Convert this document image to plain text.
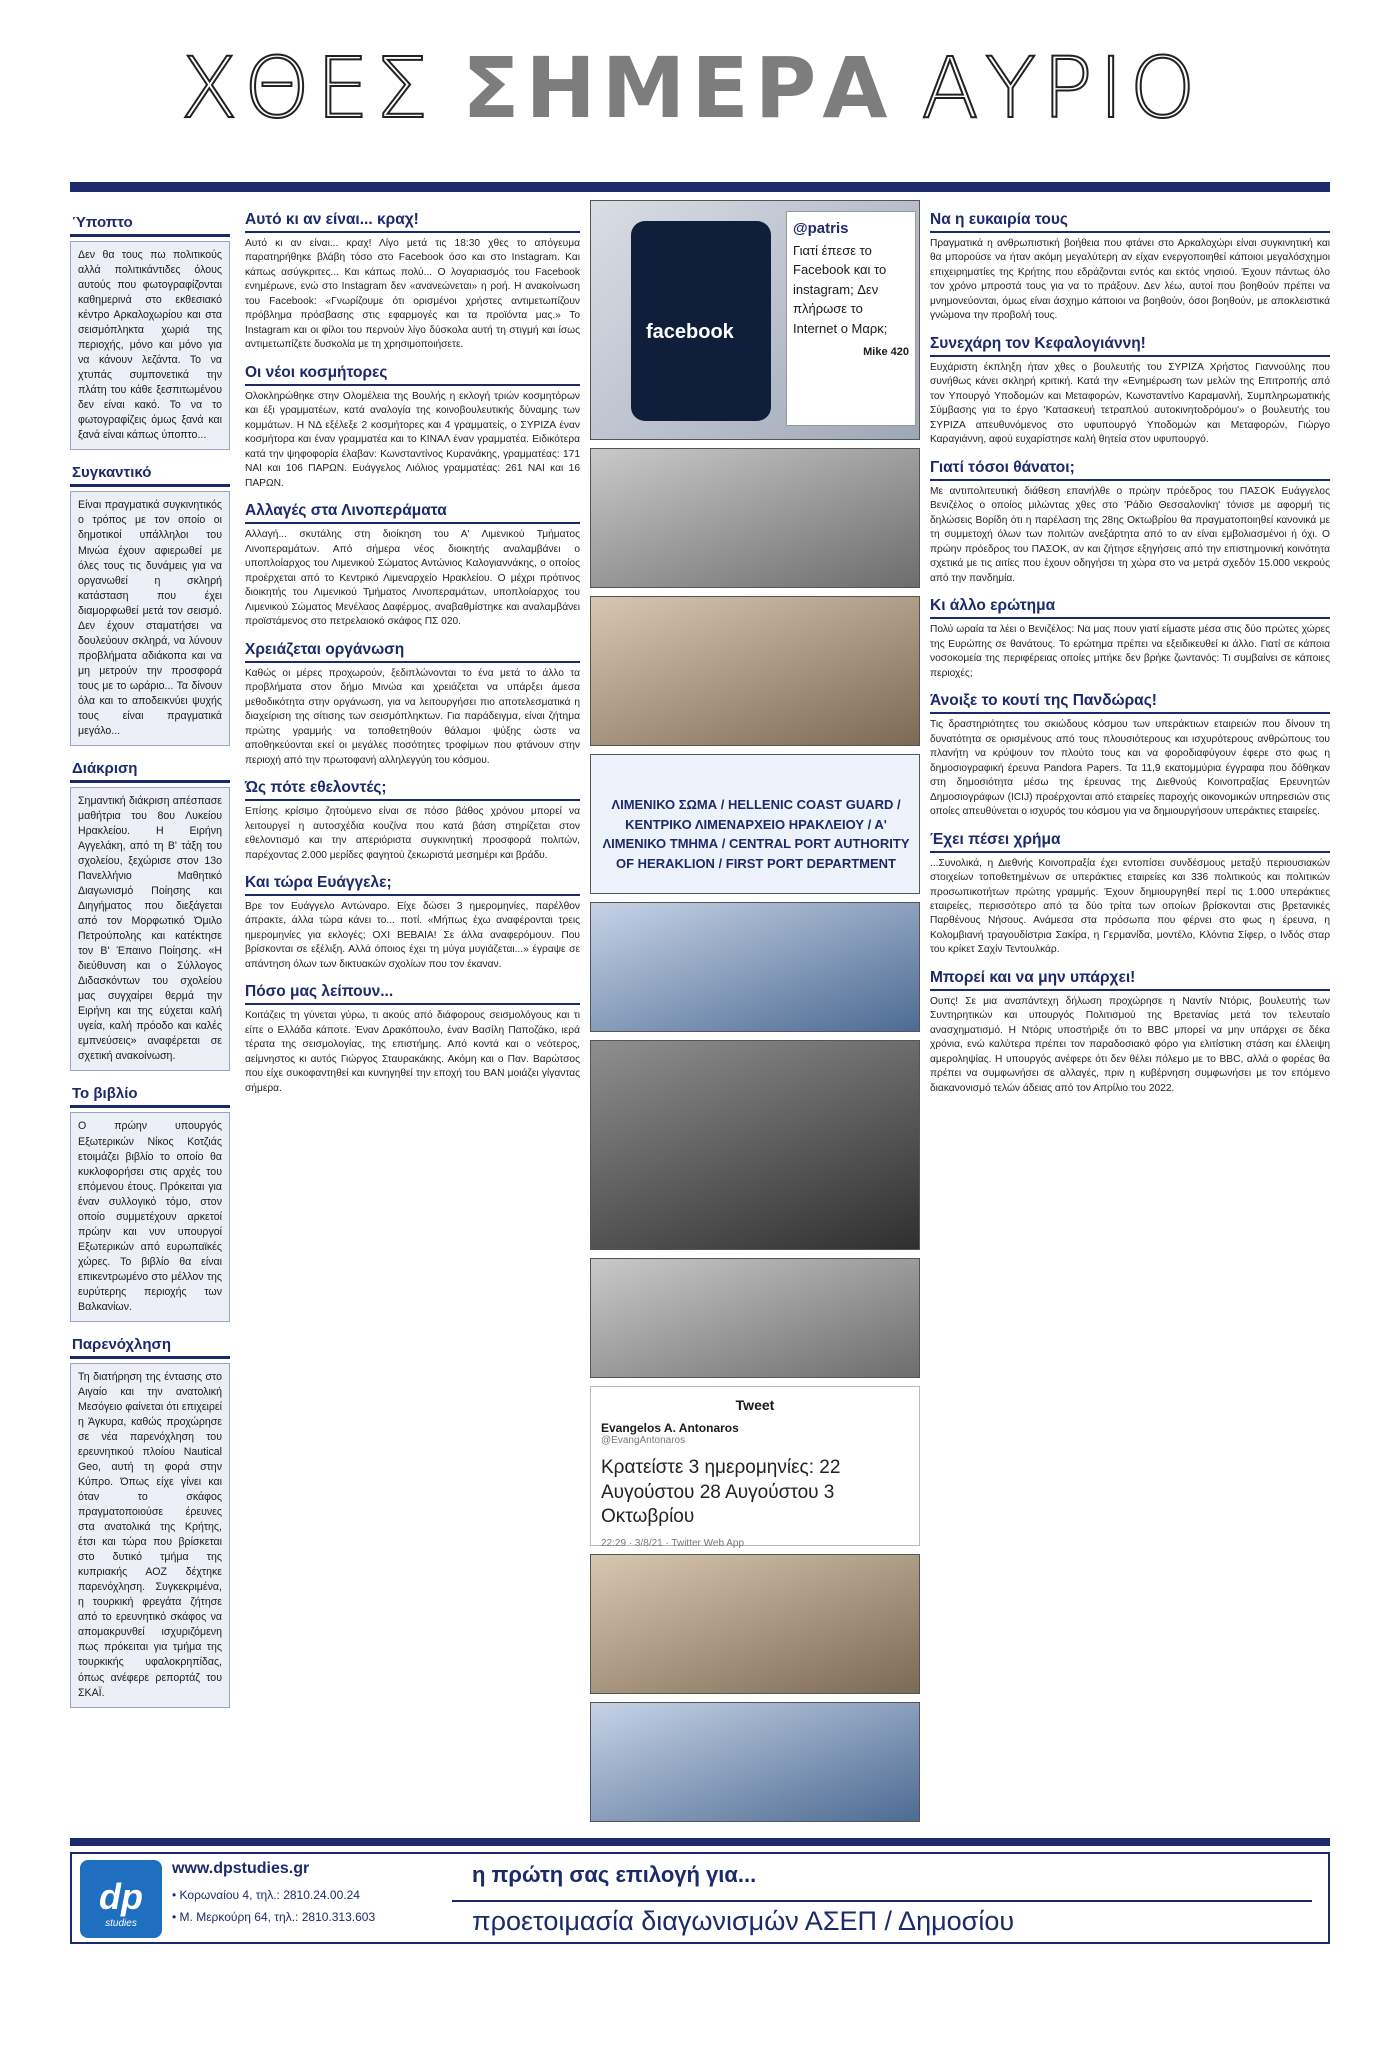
ΧΘΕΣ ΣΗΜΕΡΑ ΑΥΡΙΟ
Ύποπτο
Δεν θα τους πω πολιτικούς αλλά πολιτικάντιδες όλους αυτούς που φωτογραφίζονται καθημερινά στο εκθεσιακό κέντρο Αρκαλοχωρίου και στα σεισμόπληκτα χωριά της περιοχής, μόνο και μόνο για να κάνουν λεζάντα. Το να χτυπάς συμπονετικά την πλάτη του κάθε ξεσπιτωμένου δεν είναι κακό. Το να το φωτογραφίζεις όμως ξανά και ξανά είναι κάπως ύποπτο...
Συγκαντικό
Είναι πραγματικά συγκινητικός ο τρόπος με τον οποίο οι δημοτικοί υπάλληλοι του Μινώα έχουν αφιερωθεί με όλες τους τις δυνάμεις για να οργανωθεί η σκληρή κατάσταση που έχει διαμορφωθεί μετά τον σεισμό. Δεν έχουν σταματήσει να δουλεύουν σκληρά, να λύνουν προβλήματα αδιάκοπα και να μη μετρούν την προσφορά τους με το ωράριο... Τα δίνουν όλα και το αποδεικνύει ψυχής τους είναι πραγματικά μεγάλο...
Διάκριση
Σημαντική διάκριση απέσπασε μαθήτρια του 8ου Λυκείου Ηρακλείου. Η Ειρήνη Αγγελάκη, από τη Β' τάξη του σχολείου, ξεχώρισε στον 13ο Πανελλήνιο Μαθητικό Διαγωνισμό Ποίησης και Διηγήματος που διεξάγεται από τον Μορφωτικό Όμιλο Πετρούπολης και κατέκτησε τον Β' Έπαινο Ποίησης. «Η διεύθυνση και ο Σύλλογος Διδασκόντων του σχολείου μας συγχαίρει θερμά την Ειρήνη και της εύχεται καλή υγεία, καλή πρόοδο και καλές εμπνεύσεις» αναφέρεται σε σχετική ανακοίνωση.
Το βιβλίο
Ο πρώην υπουργός Εξωτερικών Νίκος Κοτζιάς ετοιμάζει βιβλίο το οποίο θα κυκλοφορήσει στις αρχές του επόμενου έτους. Πρόκειται για έναν συλλογικό τόμο, στον οποίο συμμετέχουν αρκετοί πρώην και νυν υπουργοί Εξωτερικών από ευρωπαϊκές χώρες. Το βιβλίο θα είναι επικεντρωμένο στο μέλλον της ευρύτερης περιοχής των Βαλκανίων.
Παρενόχληση
Τη διατήρηση της έντασης στο Αιγαίο και την ανατολική Μεσόγειο φαίνεται ότι επιχειρεί η Άγκυρα, καθώς προχώρησε σε νέα παρενόχληση του ερευνητικού πλοίου Nautical Geo, αυτή τη φορά στην Κύπρο. Όπως είχε γίνει και όταν το σκάφος πραγματοποιούσε έρευνες στα ανατολικά της Κρήτης, έτσι και τώρα που βρίσκεται στο δυτικό τμήμα της κυπριακής ΑΟΖ δέχτηκε παρενόχληση. Συγκεκριμένα, η τουρκική φρεγάτα ζήτησε από το ερευνητικό σκάφος να απομακρυνθεί ισχυριζόμενη πως πρόκειται για τμήμα της τουρκικής υφαλοκρηπίδας, όπως ανέφερε ρεπορτάζ του ΣΚΑΪ.
Αυτό κι αν είναι... κραχ!
Αυτό κι αν είναι... κραχ! Λίγο μετά τις 18:30 χθες το απόγευμα παρατηρήθηκε βλάβη τόσο στο Facebook όσο και στο Instagram. Και κάπως ασύγκριτες... Και κάπως πολύ... Ο λογαριασμός του Facebook ενημέρωνε, ενώ στο Instagram δεν «ανανεώνεται» η ροή. Η ανακοίνωση του Facebook: «Γνωρίζουμε ότι ορισμένοι χρήστες αντιμετωπίζουν πρόβλημα πρόσβασης στις εφαρμογές και τα προϊόντα μας.» Το Instagram και οι φίλοι του περνούν λίγο δύσκολα αυτή τη στιγμή και ίσως αντιμετωπίζετε δυσκολία με τη χρησιμοποιήσετε.
Οι νέοι κοσμήτορες
Ολοκληρώθηκε στην Ολομέλεια της Βουλής η εκλογή τριών κοσμητόρων και έξι γραμματέων, κατά αναλογία της κοινοβουλευτικής δύναμης των κομμάτων. Η ΝΔ εξέλεξε 2 κοσμήτορες και 4 γραμματείς, ο ΣΥΡΙΖΑ έναν κοσμήτορα και έναν γραμματέα και το ΚΙΝΑΛ έναν γραμματέα. Ειδικότερα κατά την ψηφοφορία έλαβαν: Κωνσταντίνος Κυρανάκης, γραμματέας: 171 ΝΑΙ και 106 ΠΑΡΩΝ. Ευάγγελος Λιόλιος γραμματέας: 261 ΝΑΙ και 16 ΠΑΡΩΝ.
Αλλαγές στα Λινοπεράματα
Αλλαγή... σκυτάλης στη διοίκηση του Α' Λιμενικού Τμήματος Λινοπεραμάτων. Από σήμερα νέος διοικητής αναλαμβάνει ο υποπλοίαρχος του Λιμενικού Σώματος Αντώνιος Καλογιαννάκης, ο οποίος προέρχεται από το Κεντρικό Λιμεναρχείο Ηρακλείου. Ο μέχρι πρότινος διοικητής του Λιμενικού Τμήματος Λινοπεραμάτων, υποπλοίαρχος του Λιμενικού Σώματος Μενέλαος Δαφέρμος, αναβαθμίστηκε και αναλαμβάνει προϊστάμενος στο πετρελαιοκό σκάφος ΠΣ 020.
Χρειάζεται οργάνωση
Καθώς οι μέρες προχωρούν, ξεδιπλώνονται το ένα μετά το άλλο τα προβλήματα στον δήμο Μινώα και χρειάζεται να υπάρξει άμεσα μεθοδικότητα στην οργάνωση, για να λειτουργήσει πιο αποτελεσματικά η διαχείριση της σίτισης των σεισμόπληκτων. Για παράδειγμα, είναι ζήτημα πρώτης γραμμής να τοποθετηθούν θάλαμοι ψύξης ώστε να αποθηκεύονται εκεί οι μεγάλες ποσότητες τροφίμων που φτάνουν στην περιοχή από την πρωτοφανή αλληλεγγύη του κόσμου.
Ώς πότε εθελοντές;
Επίσης κρίσιμο ζητούμενο είναι σε πόσο βάθος χρόνου μπορεί να λειτουργεί η αυτοσχέδια κουζίνα που κατά βάση στηρίζεται στον εθελοντισμό και την απεριόριστα συγκινητική προσφορά πολιτών, παρέχοντας 2.000 μερίδες φαγητού ζεκωριστά μεσημέρι και βράδυ.
Και τώρα Ευάγγελε;
Βρε τον Ευάγγελο Αντώναρο. Είχε δώσει 3 ημερομηνίες, παρέλθον άπρακτε, άλλα τώρα κάνει το... ποτί. «Μήπως έχω αναφέρονται τρεις ημερομηνίες για εκλογές; ΟΧΙ ΒΕΒΑΙΑ! Σε άλλα αναφερόμουν. Που βρίσκονται σε εξέλιξη. Αλλά όποιος έχει τη μύγα μυγιάζεται...» έγραψε σε απάντηση όλων των δικτυακών σχολίων που τον έκαναν.
Πόσο μας λείπουν...
Κοιτάζεις τη γύνεται γύρω, τι ακούς από διάφορους σεισμολόγους και τι είπε ο Ελλάδα κάποτε. Έναν Δρακόπουλο, έναν Βασίλη Παποζάκο, ιερά τέρατα της σεισμολογίας, της επιστήμης. Από κοντά και ο νεότερος, αείμνηστος κι αυτός Γιώργος Σταυρακάκης. Ακόμη και ο Παν. Βαρώτσος που είχε συκοφαντηθεί και κυνηγηθεί την εποχή του ΒΑΝ μοιάζει γίγαντας σήμερα.
facebook
@patris
Γιατί έπεσε το Facebook και το instagram; Δεν πλήρωσε το Internet ο Μαρκ;
Mike 420
ΛΙΜΕΝΙΚΟ ΣΩΜΑ / HELLENIC COAST GUARD / ΚΕΝΤΡΙΚΟ ΛΙΜΕΝΑΡΧΕΙΟ ΗΡΑΚΛΕΙΟΥ / Α' ΛΙΜΕΝΙΚΟ ΤΜΗΜΑ / CENTRAL PORT AUTHORITY OF HERAKLION / FIRST PORT DEPARTMENT
Tweet
Evangelos A. Antonaros
@EvangAntonaros
Κρατείστε 3 ημερομηνίες: 22 Αυγούστου 28 Αυγούστου 3 Οκτωβρίου
22:29 · 3/8/21 · Twitter Web App
Να η ευκαιρία τους
Πραγματικά η ανθρωπιστική βοήθεια που φτάνει στο Αρκαλοχώρι είναι συγκινητική και θα μπορούσε να ήταν ακόμη μεγαλύτερη αν είχαν ενεργοποιηθεί κάποιοι μεγαλόσχημοι επιχειρηματίες της Κρήτης που εδράζονται εντός και εκτός νησιού. Έχουν πάντως όλο τον χρόνο μπροστά τους για να το πράξουν. Δεν λέω, αυτοί που βοηθούν πρέπει να μνημονεύονται, όμως είναι άσχημο κάποιοι να βοηθούν, όσοι βοηθούν, με αποκλειστικά γνώμονα την προβολή τους.
Συνεχάρη τον Κεφαλογιάννη!
Ευχάριστη έκπληξη ήταν χθες ο βουλευτής του ΣΥΡΙΖΑ Χρήστος Γιαννούλης που συνήθως κάνει σκληρή κριτική. Κατά την «Ενημέρωση των μελών της Επιτροπής από τον Υπουργό Υποδομών και Μεταφορών, Κωνσταντίνο Καραμανλή, Συμπληρωματικής Σύμβασης για το έργο 'Κατασκευή τετραπλού αυτοκινητοδρόμου'» ο βουλευτής του ΣΥΡΙΖΑ απευθυνόμενος στο υφυπουργό Υποδομών και Μεταφορών, Γιώργο Καραγιάννη, αφού ευχαρίστησε καλή θητεία στον υφυπουργό.
Γιατί τόσοι θάνατοι;
Με αντιπολιτευτική διάθεση επανήλθε ο πρώην πρόεδρος του ΠΑΣΟΚ Ευάγγελος Βενιζέλος ο οποίος μιλώντας χθες στο 'Ράδιο Θεσσαλονίκη' τόνισε με αφορμή τις δηλώσεις Βορίδη ότι η παρέλαση της 28ης Οκτωβρίου θα πραγματοποιηθεί κανονικά με τη συμμετοχή όλων των πολιτών ανεξάρτητα από το αν είναι εμβολιασμένοι ή όχι. Ο πρώην πρόεδρος του ΠΑΣΟΚ, αν και ζήτησε εξηγήσεις από την επιστημονική κοινότητα σχετικά με τις αιτίες που έχουν οδηγήσει τη χώρα στο να μετρά σχεδόν 15.000 νεκρούς από την πανδημία.
Κι άλλο ερώτημα
Πολύ ωραία τα λέει ο Βενιζέλος: Να μας πουν γιατί είμαστε μέσα στις δύο πρώτες χώρες της Ευρώπης σε θανάτους. Το ερώτημα πρέπει να εξειδικευθεί κι άλλο. Γιατί σε κάποια νοσοκομεία της περιφέρειας οποίες μπήκε δεν βρήκε ζωντανός: Τι συμβαίνει σε κάποιες περιοχές;
Άνοιξε το κουτί της Πανδώρας!
Τις δραστηριότητες του σκιώδους κόσμου των υπεράκτιων εταιρειών που δίνουν τη δυνατότητα σε ορισμένους από τους πλουσιότερους και ισχυρότερους ανθρώπους του πλανήτη να κρύψουν τον πλούτο τους και να φοροδιαφύγουν έφερε στο φως η δημοσιογραφική έρευνα Pandora Papers. Τα 11,9 εκατομμύρια έγγραφα που δόθηκαν στη δημοσιότητα μέσω της έρευνας της Διεθνούς Κοινοπραξίας Ερευνητών Δημοσιογράφων (ICIJ) προέρχονται από εταιρείες παροχής οικονομικών υπηρεσιών στις οποίες απευθύνεται ο ισχυρός του κόσμου για να δημιουργήσουν υπεράκτιες εταιρείες.
Έχει πέσει χρήμα
...Συνολικά, η Διεθνής Κοινοπραξία έχει εντοπίσει συνδέσμους μεταξύ περιουσιακών στοιχείων τοποθετημένων σε υπεράκτιες εταιρείες και 336 πολιτικούς και πολιτικών προσωπικοτήτων πρώτης γραμμής. Έχουν δημιουργηθεί περί τις 1.000 υπεράκτιες εταιρείες, περισσότερο από τα δύο τρίτα των οποίων βρίσκονται στις βρετανικές Παρθένους Νήσους. Ανάμεσα στα πρόσωπα που φέρνει στο φως η έρευνα, η Κολομβιανή τραγουδίστρια Σακίρα, η Γερμανίδα, μοντέλο, Κλόντια Σίφερ, ο Ινδός σταρ του κρίκετ Σαχίν Τεντουλκάρ.
Μπορεί και να μην υπάρχει!
Ουπς! Σε μια αναπάντεχη δήλωση προχώρησε η Ναντίν Ντόρις, βουλευτής των Συντηρητικών και υπουργός Πολιτισμού της Βρετανίας μετά τον τελευταίο ανασχηματισμό. Η Ντόρις υποστήριξε ότι το BBC μπορεί να μην υπάρχει σε δέκα χρόνια, ενώ καλύτερα πρέπει τον παραδοσιακό φόρο για ελιτίστικη στάση και έλλειψη αμεροληψίας. Η υπουργός ανέφερε ότι δεν θέλει πόλεμο με το BBC, αλλά ο φορέας θα πρέπει να συμφωνήσει σε αλλαγές, πριν η κυβέρνηση συμφωνήσει με τον επόμενο διακανονισμό τελών άδειας από τον Απρίλιο του 2022.
dp
studies
www.dpstudies.gr
• Κορωναίου 4, τηλ.: 2810.24.00.24
• Μ. Μερκούρη 64, τηλ.: 2810.313.603
η πρώτη σας επιλογή για...
προετοιμασία διαγωνισμών ΑΣΕΠ / Δημοσίου
